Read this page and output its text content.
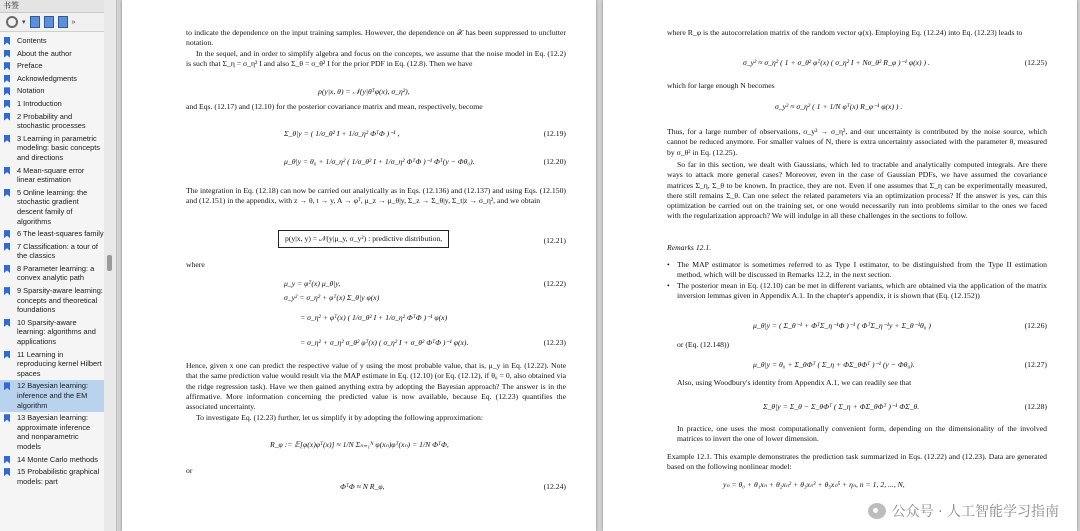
书签
▾	»
Contents
About the author
Preface
Acknowledgments
Notation
1 Introduction
2 Probability and stochastic processes
3 Learning in parametric modeling: basic concepts and directions
4 Mean-square error linear estimation
5 Online learning: the stochastic gradient descent family of algorithms
6 The least-squares family
7 Classification: a tour of the classics
8 Parameter learning: a convex analytic path
9 Sparsity-aware learning: concepts and theoretical foundations
10 Sparsity-aware learning: algorithms and applications
11 Learning in reproducing kernel Hilbert spaces
12 Bayesian learning: inference and the EM algorithm
13 Bayesian learning: approximate inference and nonparametric models
14 Monte Carlo methods
15 Probabilistic graphical models: part
to indicate the dependence on the input training samples. However, the dependence on 𝒳 has been suppressed to unclutter notation.
In the sequel, and in order to simplify algebra and focus on the concepts, we assume that the noise model in Eq. (12.2) is such that Σ_η = σ_η² I and also Σ_θ = σ_θ² I for the prior PDF in Eq. (12.8). Then we have
p(y|x, θ) = 𝒩(y|θᵀφ(x), σ_η²),
and Eqs. (12.17) and (12.10) for the posterior covariance matrix and mean, respectively, become
Σ_θ|y = ( 1/σ_θ² I + 1/σ_η² ΦᵀΦ )⁻¹ ,	(12.19)
μ_θ|y = θ₀ + 1/σ_η² ( 1/σ_θ² I + 1/σ_η² ΦᵀΦ )⁻¹ Φᵀ(y − Φθ₀).	(12.20)
The integration in Eq. (12.18) can now be carried out analytically as in Eqs. (12.136) and (12.137) and using Eqs. (12.150) and (12.151) in the appendix, with z → θ, t → y, A → φᵀ, μ_z → μ_θ|y, Σ_z → Σ_θ|y, Σ_t|z → σ_η², and we obtain
p(y|x, y) = 𝒩(y|μ_y, σ_y²) : predictive distribution,	(12.21)
where
μ_y = φᵀ(x) μ_θ|y,	(12.22)
σ_y² = σ_η² + φᵀ(x) Σ_θ|y φ(x)
= σ_η² + φᵀ(x) ( 1/σ_θ² I + 1/σ_η² ΦᵀΦ )⁻¹ φ(x)
= σ_η² + σ_η² σ_θ² φᵀ(x) ( σ_η² I + σ_θ² ΦᵀΦ )⁻¹ φ(x).	(12.23)
Hence, given x one can predict the respective value of y using the most probable value, that is, μ_y in Eq. (12.22). Note that the same prediction value would result via the MAP estimate in Eq. (12.10) (or Eq. (12.12), if θ₀ = 0, also obtained via the ridge regression task). Have we then gained anything extra by adopting the Bayesian approach? The answer is in the affirmative. More information concerning the predicted value is now available, because Eq. (12.23) quantifies the associated uncertainty.
To investigate Eq. (12.23) further, let us simplify it by adopting the following approximation:
R_φ := 𝔼[φ(x)φᵀ(x)] ≈ 1/N Σₙ₌₁ᴺ φ(xₙ)φᵀ(xₙ) = 1/N ΦᵀΦ,
or
ΦᵀΦ ≈ N R_φ,	(12.24)
where R_φ is the autocorrelation matrix of the random vector φ(x). Employing Eq. (12.24) into Eq. (12.23) leads to
σ_y² ≈ σ_η² ( 1 + σ_θ² φᵀ(x) ( σ_η² I + Nσ_θ² R_φ )⁻¹ φ(x) ) .	(12.25)
which for large enough N becomes
σ_y² ≈ σ_η² ( 1 + 1/N φᵀ(x) R_φ⁻¹ φ(x) ) .
Thus, for a large number of observations, σ_y² → σ_η², and our uncertainty is contributed by the noise source, which cannot be reduced anymore. For smaller values of N, there is extra uncertainty associated with the parameter θ, measured by σ_θ² in Eq. (12.25).
So far in this section, we dealt with Gaussians, which led to tractable and analytically computed integrals. Are there ways to attack more general cases? Moreover, even in the case of Gaussian PDFs, we have assumed the covariance matrices Σ_η, Σ_θ to be known. In practice, they are not. Even if one assumes that Σ_η can be experimentally measured, there still remains Σ_θ. Can one select the related parameters via an optimization process? If the answer is yes, can this optimization be carried out on the training set, or one would necessarily run into problems similar to the ones we faced with the regularization approach? We will indulge in all these challenges in the sections to follow.
Remarks 12.1.
• The MAP estimator is sometimes referred to as Type I estimator, to be distinguished from the Type II estimation method, which will be discussed in Remarks 12.2, in the next section.
• The posterior mean in Eq. (12.10) can be met in different variants, which are obtained via the application of the matrix inversion lemmas given in Appendix A.1. In the chapter's appendix, it is shown that (Eq. (12.152))
μ_θ|y = ( Σ_θ⁻¹ + ΦᵀΣ_η⁻¹Φ )⁻¹ ( ΦᵀΣ_η⁻¹y + Σ_θ⁻¹θ₀ )	(12.26)
or (Eq. (12.148))
μ_θ|y = θ₀ + Σ_θΦᵀ ( Σ_η + ΦΣ_θΦᵀ )⁻¹ (y − Φθ₀).	(12.27)
Also, using Woodbury's identity from Appendix A.1, we can readily see that
Σ_θ|y = Σ_θ − Σ_θΦᵀ ( Σ_η + ΦΣ_θΦᵀ )⁻¹ ΦΣ_θ.	(12.28)
In practice, one uses the most computationally convenient form, depending on the dimensionality of the involved matrices to invert the one of lower dimension.
Example 12.1. This example demonstrates the prediction task summarized in Eqs. (12.22) and (12.23). Data are generated based on the following nonlinear model:
yₙ = θ₀ + θ₁xₙ + θ₂xₙ² + θ₃xₙ³ + θ₅xₙ⁵ + ηₙ, n = 1, 2, ..., N,
公众号 · 人工智能学习指南
